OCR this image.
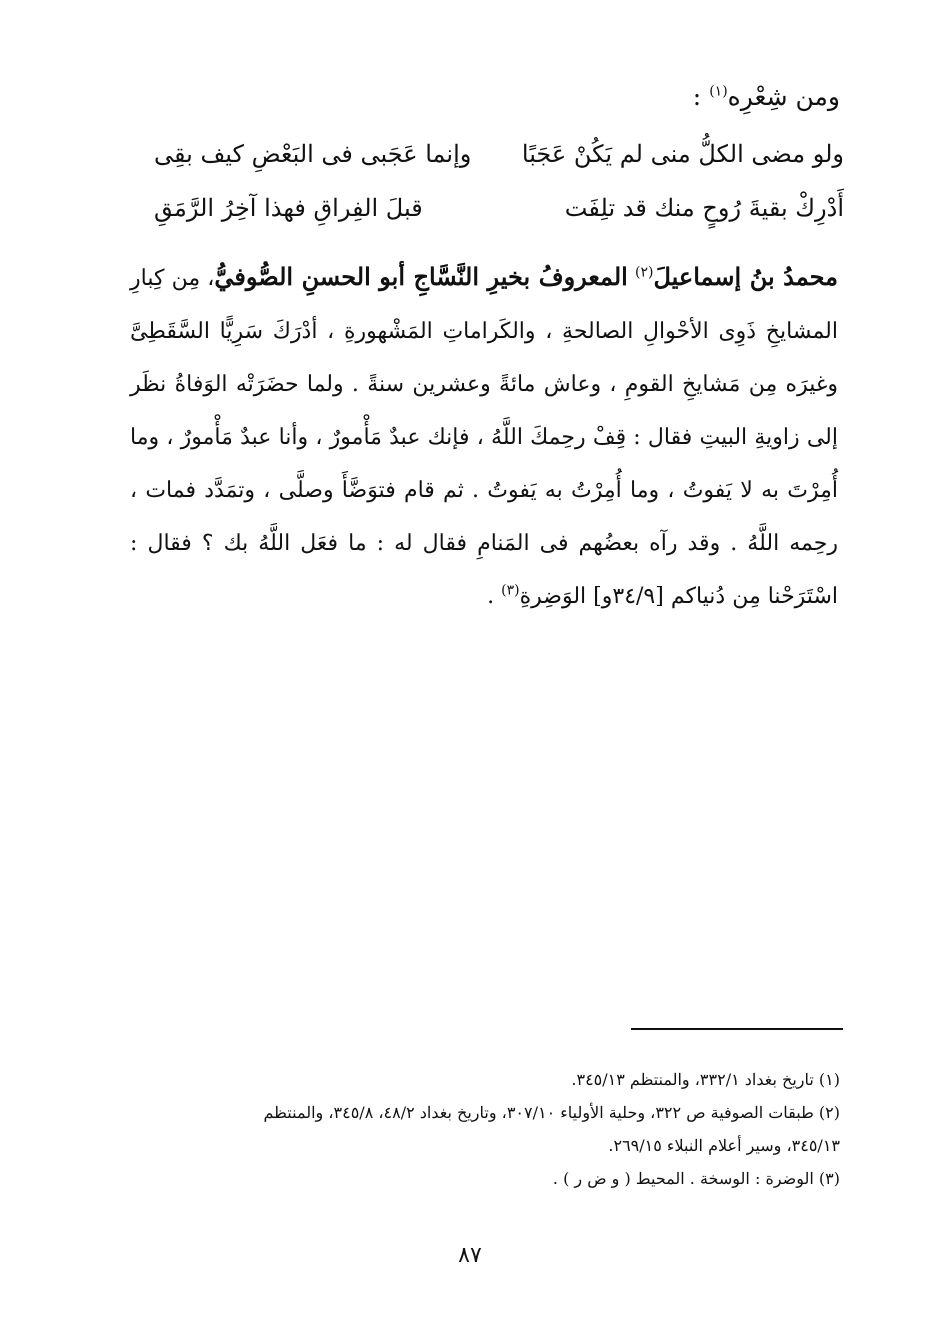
ومن شِعْرِه$^{(١)}$ :
ولو مضى الكلُّ منى لم يَكُنْ عَجَبًا
وإنما عَجَبى فى البَعْضِ كيف بقِى
أَدْرِكْ بقيةَ رُوحٍ منك قد تلِفَت
قبلَ الفِراقِ فهذا آخِرُ الرَّمَقِ
محمدُ بنُ إسماعيلَ$^{(٢)}$ المعروفُ بخيرِ النَّسَّاجِ أبو الحسنِ الصُّوفيُّ، مِن كِبارِ المشايخِ ذَوِى الأحْوالِ الصالحةِ ، والكَراماتِ المَشْهورةِ ، أدْرَكَ سَرِيًّا السَّقَطِىَّ وغيرَه مِن مَشايخِ القومِ ، وعاش مائةً وعشرين سنةً . ولما حضَرَتْه الوَفاةُ نظَر إلى زاويةِ البيتِ فقال : قِفْ رحِمكَ اللَّهُ ، فإنك عبدٌ مَأْمورٌ ، وأنا عبدٌ مَأْمورٌ ، وما أُمِرْتَ به لا يَفوتُ ، وما أُمِرْتُ به يَفوتُ . ثم قام فتوَضَّأَ وصلَّى ، وتمَدَّد فمات ، رحِمه اللَّهُ . وقد رآه بعضُهم فى المَنامِ فقال له : ما فعَل اللَّهُ بك ؟ فقال : اسْتَرَحْنا مِن دُنياكم [٣٤/٩و] الوَضِرةِ$^{(٣)}$ .
(١) تاريخ بغداد ٣٣٢/١، والمنتظم ٣٤٥/١٣.
(٢) طبقات الصوفية ص ٣٢٢، وحلية الأولياء ٣٠٧/١٠، وتاريخ بغداد ٤٨/٢، ٣٤٥/٨، والمنتظم
٣٤٥/١٣، وسير أعلام النبلاء ٢٦٩/١٥.
(٣) الوضرة : الوسخة . المحيط ( و ض ر ) .
٨٧
